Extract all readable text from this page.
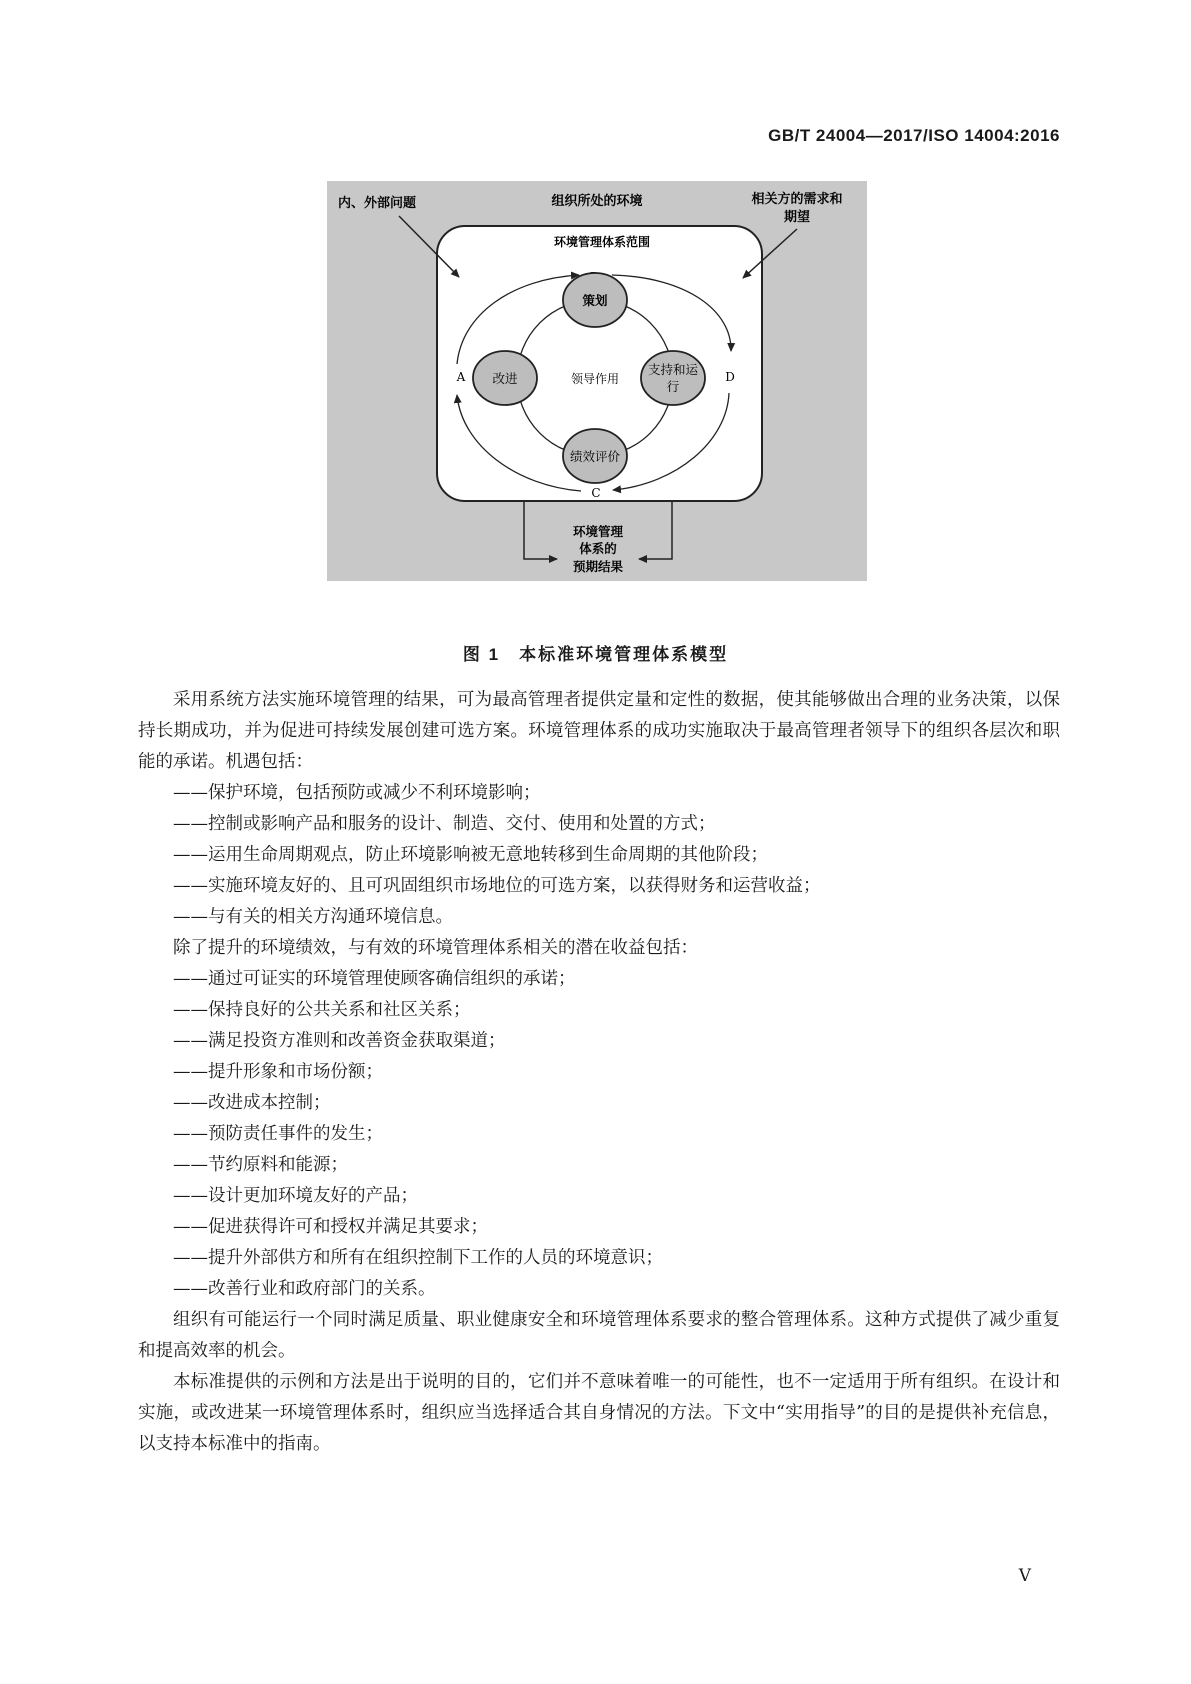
GB/T 24004—2017/ISO 14004:2016
组织所处的环境
内、外部问题	相关方的需求和
期望
环境管理体系范围
D
C
A	领导作用
策划
支持和运
行
绩效评价
改进
环境管理
体系的
预期结果
图 1　本标准环境管理体系模型

采用系统方法实施环境管理的结果，可为最高管理者提供定量和定性的数据，使其能够做出合理的业务决策，以保持长期成功，并为促进可持续发展创建可选方案。环境管理体系的成功实施取决于最高管理者领导下的组织各层次和职能的承诺。机遇包括：

——保护环境，包括预防或减少不利环境影响；

——控制或影响产品和服务的设计、制造、交付、使用和处置的方式；

——运用生命周期观点，防止环境影响被无意地转移到生命周期的其他阶段；

——实施环境友好的、且可巩固组织市场地位的可选方案，以获得财务和运营收益；

——与有关的相关方沟通环境信息。

除了提升的环境绩效，与有效的环境管理体系相关的潜在收益包括：

——通过可证实的环境管理使顾客确信组织的承诺；

——保持良好的公共关系和社区关系；

——满足投资方准则和改善资金获取渠道；

——提升形象和市场份额；

——改进成本控制；

——预防责任事件的发生；

——节约原料和能源；

——设计更加环境友好的产品；

——促进获得许可和授权并满足其要求；

——提升外部供方和所有在组织控制下工作的人员的环境意识；

——改善行业和政府部门的关系。

组织有可能运行一个同时满足质量、职业健康安全和环境管理体系要求的整合管理体系。这种方式提供了减少重复和提高效率的机会。

本标准提供的示例和方法是出于说明的目的，它们并不意味着唯一的可能性，也不一定适用于所有组织。在设计和实施，或改进某一环境管理体系时，组织应当选择适合其自身情况的方法。下文中“实用指导”的目的是提供补充信息，以支持本标准中的指南。

V
